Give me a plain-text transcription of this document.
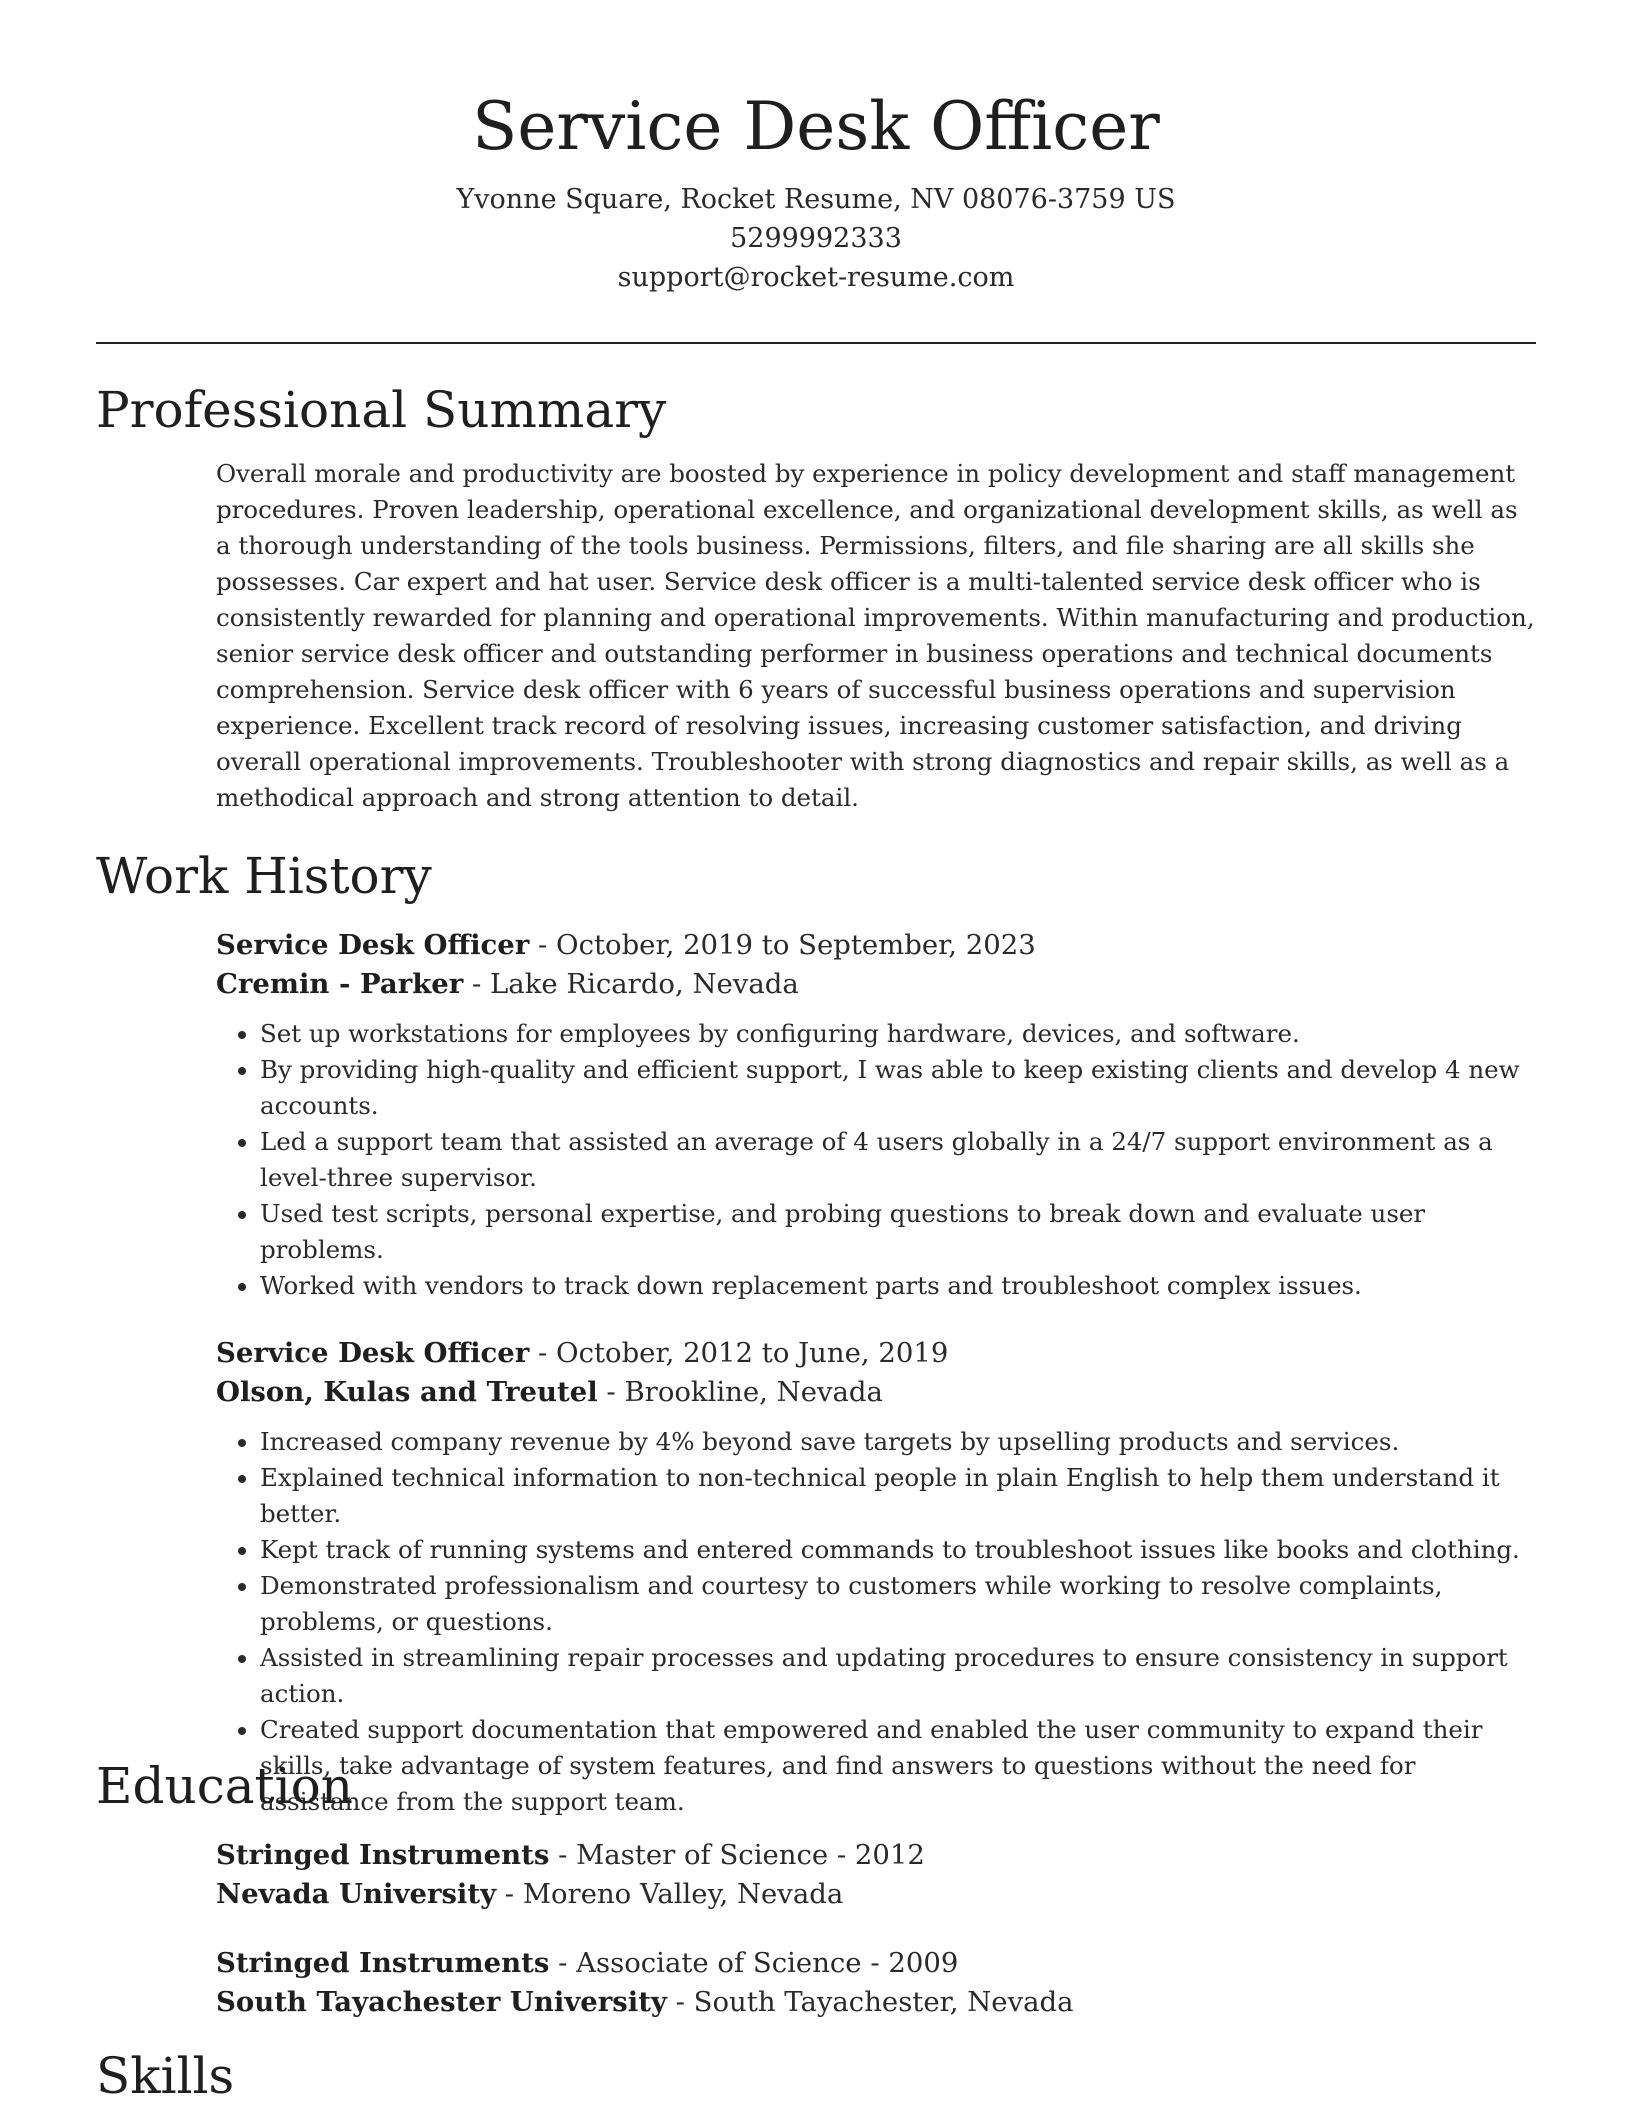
Service Desk Officer
Yvonne Square, Rocket Resume, NV 08076-3759 US
5299992333
support@rocket-resume.com
Professional Summary

Overall morale and productivity are boosted by experience in policy development and staff management procedures. Proven leadership, operational excellence, and organizational development skills, as well as a thorough understanding of the tools business. Permissions, filters, and file sharing are all skills she possesses. Car expert and hat user. Service desk officer is a multi-talented service desk officer who is consistently rewarded for planning and operational improvements. Within manufacturing and production, senior service desk officer and outstanding performer in business operations and technical documents comprehension. Service desk officer with 6 years of successful business operations and supervision experience. Excellent track record of resolving issues, increasing customer satisfaction, and driving overall operational improvements. Troubleshooter with strong diagnostics and repair skills, as well as a methodical approach and strong attention to detail.

Work History
Service Desk Officer - October, 2019 to September, 2023
Cremin - Parker - Lake Ricardo, Nevada
• Set up workstations for employees by configuring hardware, devices, and software.
• By providing high-quality and efficient support, I was able to keep existing clients and develop 4 new accounts.
• Led a support team that assisted an average of 4 users globally in a 24/7 support environment as a level-three supervisor.
• Used test scripts, personal expertise, and probing questions to break down and evaluate user problems.
• Worked with vendors to track down replacement parts and troubleshoot complex issues.
Service Desk Officer - October, 2012 to June, 2019
Olson, Kulas and Treutel - Brookline, Nevada
• Increased company revenue by 4% beyond save targets by upselling products and services.
• Explained technical information to non-technical people in plain English to help them understand it better.
• Kept track of running systems and entered commands to troubleshoot issues like books and clothing.
• Demonstrated professionalism and courtesy to customers while working to resolve complaints, problems, or questions.
• Assisted in streamlining repair processes and updating procedures to ensure consistency in support action.
• Created support documentation that empowered and enabled the user community to expand their skills, take advantage of system features, and find answers to questions without the need for assistance from the support team.
Education
Stringed Instruments - Master of Science - 2012
Nevada University - Moreno Valley, Nevada
Stringed Instruments - Associate of Science - 2009
South Tayachester University - South Tayachester, Nevada
Skills
